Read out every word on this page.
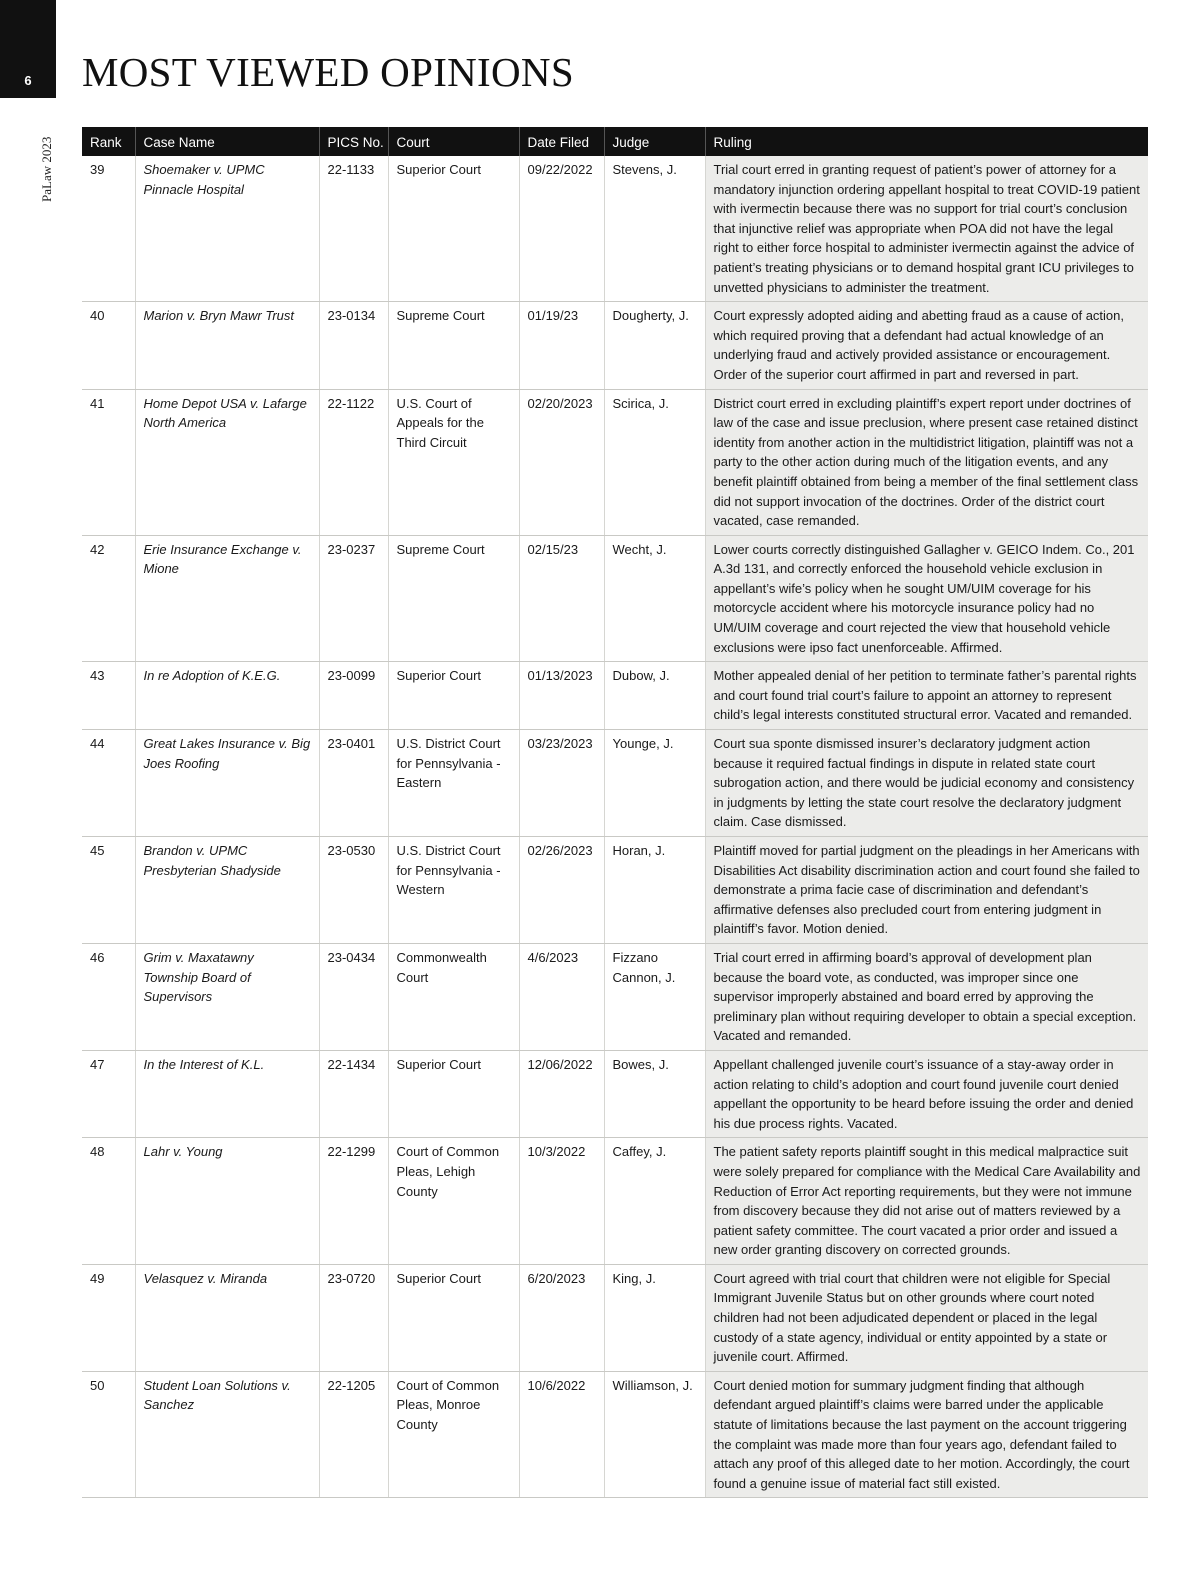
6
PaLaw 2023
MOST VIEWED OPINIONS
Rank	Case Name	PICS No.	Court	Date Filed	Judge	Ruling
39	Shoemaker v. UPMC Pinnacle Hospital	22-1133	Superior Court	09/22/2022	Stevens, J.	Trial court erred in granting request of patient’s power of attorney for a mandatory injunction ordering appellant hospital to treat COVID-19 patient with ivermectin because there was no support for trial court’s conclusion that injunctive relief was appropriate when POA did not have the legal right to either force hospital to administer ivermectin against the advice of patient’s treating physicians or to demand hospital grant ICU privileges to unvetted physicians to administer the treatment.
40	Marion v. Bryn Mawr Trust	23-0134	Supreme Court	01/19/23	Dougherty, J.	Court expressly adopted aiding and abetting fraud as a cause of action, which required proving that a defendant had actual knowledge of an underlying fraud and actively provided assistance or encouragement. Order of the superior court affirmed in part and reversed in part.
41	Home Depot USA v. Lafarge North America	22-1122	U.S. Court of Appeals for the Third Circuit	02/20/2023	Scirica, J.	District court erred in excluding plaintiff’s expert report under doctrines of law of the case and issue preclusion, where present case retained distinct identity from another action in the multidistrict litigation, plaintiff was not a party to the other action during much of the litigation events, and any benefit plaintiff obtained from being a member of the final settlement class did not support invocation of the doctrines. Order of the district court vacated, case remanded.
42	Erie Insurance Exchange v. Mione	23-0237	Supreme Court	02/15/23	Wecht, J.	Lower courts correctly distinguished Gallagher v. GEICO Indem. Co., 201 A.3d 131, and correctly enforced the household vehicle exclusion in appellant’s wife’s policy when he sought UM/UIM coverage for his motorcycle accident where his motorcycle insurance policy had no UM/UIM coverage and court rejected the view that household vehicle exclusions were ipso fact unenforceable. Affirmed.
43	In re Adoption of K.E.G.	23-0099	Superior Court	01/13/2023	Dubow, J.	Mother appealed denial of her petition to terminate father’s parental rights and court found trial court’s failure to appoint an attorney to represent child’s legal interests constituted structural error. Vacated and remanded.
44	Great Lakes Insurance v. Big Joes Roofing	23-0401	U.S. District Court for Pennsylvania - Eastern	03/23/2023	Younge, J.	Court sua sponte dismissed insurer’s declaratory judgment action because it required factual findings in dispute in related state court subrogation action, and there would be judicial economy and consistency in judgments by letting the state court resolve the declaratory judgment claim. Case dismissed.
45	Brandon v. UPMC Presbyterian Shadyside	23-0530	U.S. District Court for Pennsylvania - Western	02/26/2023	Horan, J.	Plaintiff moved for partial judgment on the pleadings in her Americans with Disabilities Act disability discrimination action and court found she failed to demonstrate a prima facie case of discrimination and defendant’s affirmative defenses also precluded court from entering judgment in plaintiff’s favor. Motion denied.
46	Grim v. Maxatawny Township Board of Supervisors	23-0434	Commonwealth Court	4/6/2023	Fizzano Cannon, J.	Trial court erred in affirming board’s approval of development plan because the board vote, as conducted, was improper since one supervisor improperly abstained and board erred by approving the preliminary plan without requiring developer to obtain a special exception. Vacated and remanded.
47	In the Interest of K.L.	22-1434	Superior Court	12/06/2022	Bowes, J.	Appellant challenged juvenile court’s issuance of a stay-away order in action relating to child’s adoption and court found juvenile court denied appellant the opportunity to be heard before issuing the order and denied his due process rights. Vacated.
48	Lahr v. Young	22-1299	Court of Common Pleas, Lehigh County	10/3/2022	Caffey, J.	The patient safety reports plaintiff sought in this medical malpractice suit were solely prepared for compliance with the Medical Care Availability and Reduction of Error Act reporting requirements, but they were not immune from discovery because they did not arise out of matters reviewed by a patient safety committee. The court vacated a prior order and issued a new order granting discovery on corrected grounds.
49	Velasquez v. Miranda	23-0720	Superior Court	6/20/2023	King, J.	Court agreed with trial court that children were not eligible for Special Immigrant Juvenile Status but on other grounds where court noted children had not been adjudicated dependent or placed in the legal custody of a state agency, individual or entity appointed by a state or juvenile court. Affirmed.
50	Student Loan Solutions v. Sanchez	22-1205	Court of Common Pleas, Monroe County	10/6/2022	Williamson, J.	Court denied motion for summary judgment finding that although defendant argued plaintiff’s claims were barred under the applicable statute of limitations because the last payment on the account triggering the complaint was made more than four years ago, defendant failed to attach any proof of this alleged date to her motion. Accordingly, the court found a genuine issue of material fact still existed.
